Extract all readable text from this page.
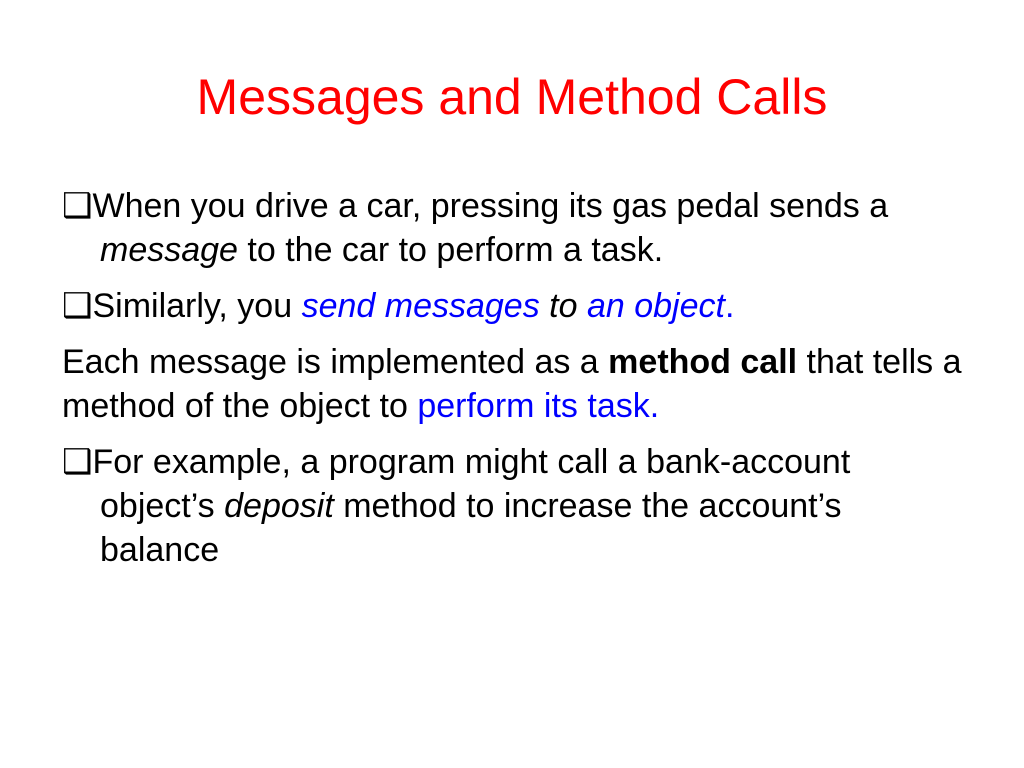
Messages and Method Calls
❑When you drive a car, pressing its gas pedal sends a message to the car to perform a task.
❑Similarly, you send messages to an object.
Each message is implemented as a method call that tells a method of the object to perform its task.
❑For example, a program might call a bank-account object’s deposit method to increase the account’s balance
